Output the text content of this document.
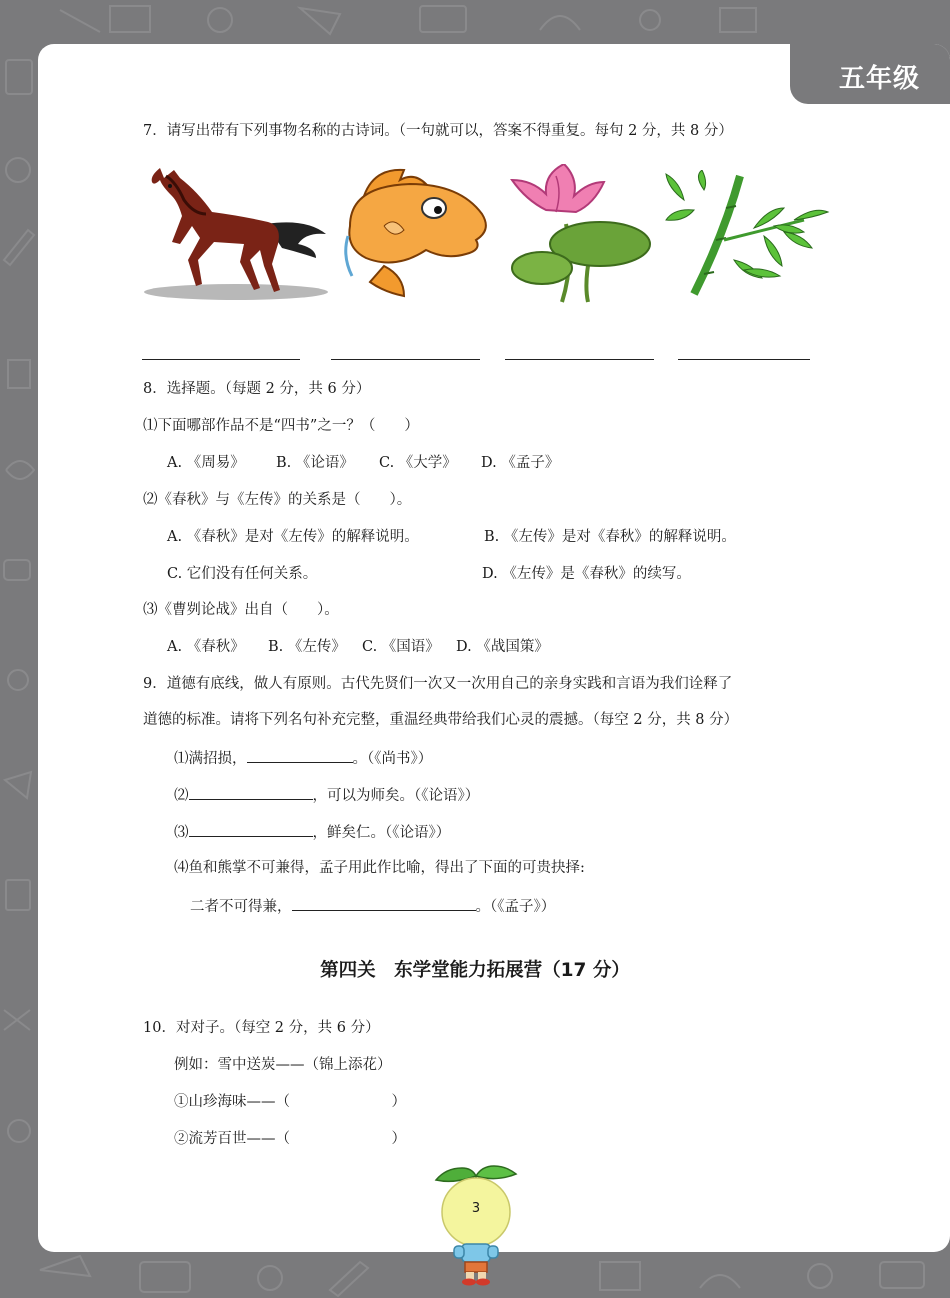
五年级
7．请写出带有下列事物名称的古诗词。（一句就可以，答案不得重复。每句 2 分，共 8 分）
8．选择题。（每题 2 分，共 6 分）
⑴下面哪部作品不是“四书”之一？（　　）
A. 《周易》 B. 《论语》 C. 《大学》 D. 《孟子》
⑵《春秋》与《左传》的关系是（　　）。
A. 《春秋》是对《左传》的解释说明。	B. 《左传》是对《春秋》的解释说明。
C. 它们没有任何关系。	D. 《左传》是《春秋》的续写。
⑶《曹刿论战》出自（　　）。
A. 《春秋》 B. 《左传》 C. 《国语》 D. 《战国策》
9．道德有底线，做人有原则。古代先贤们一次又一次用自己的亲身实践和言语为我们诠释了
道德的标准。请将下列名句补充完整，重温经典带给我们心灵的震撼。（每空 2 分，共 8 分）
⑴满招损，	。（《尚书》）
⑵	，可以为师矣。（《论语》）
⑶	，鲜矣仁。（《论语》）
⑷鱼和熊掌不可兼得，孟子用此作比喻，得出了下面的可贵抉择:
二者不可得兼，	。（《孟子》）
第四关　东学堂能力拓展营（17 分）
10．对对子。（每空 2 分，共 6 分）
例如：雪中送炭——（锦上添花）
①山珍海味——（　　　　　　　）
②流芳百世——（　　　　　　　）
3
